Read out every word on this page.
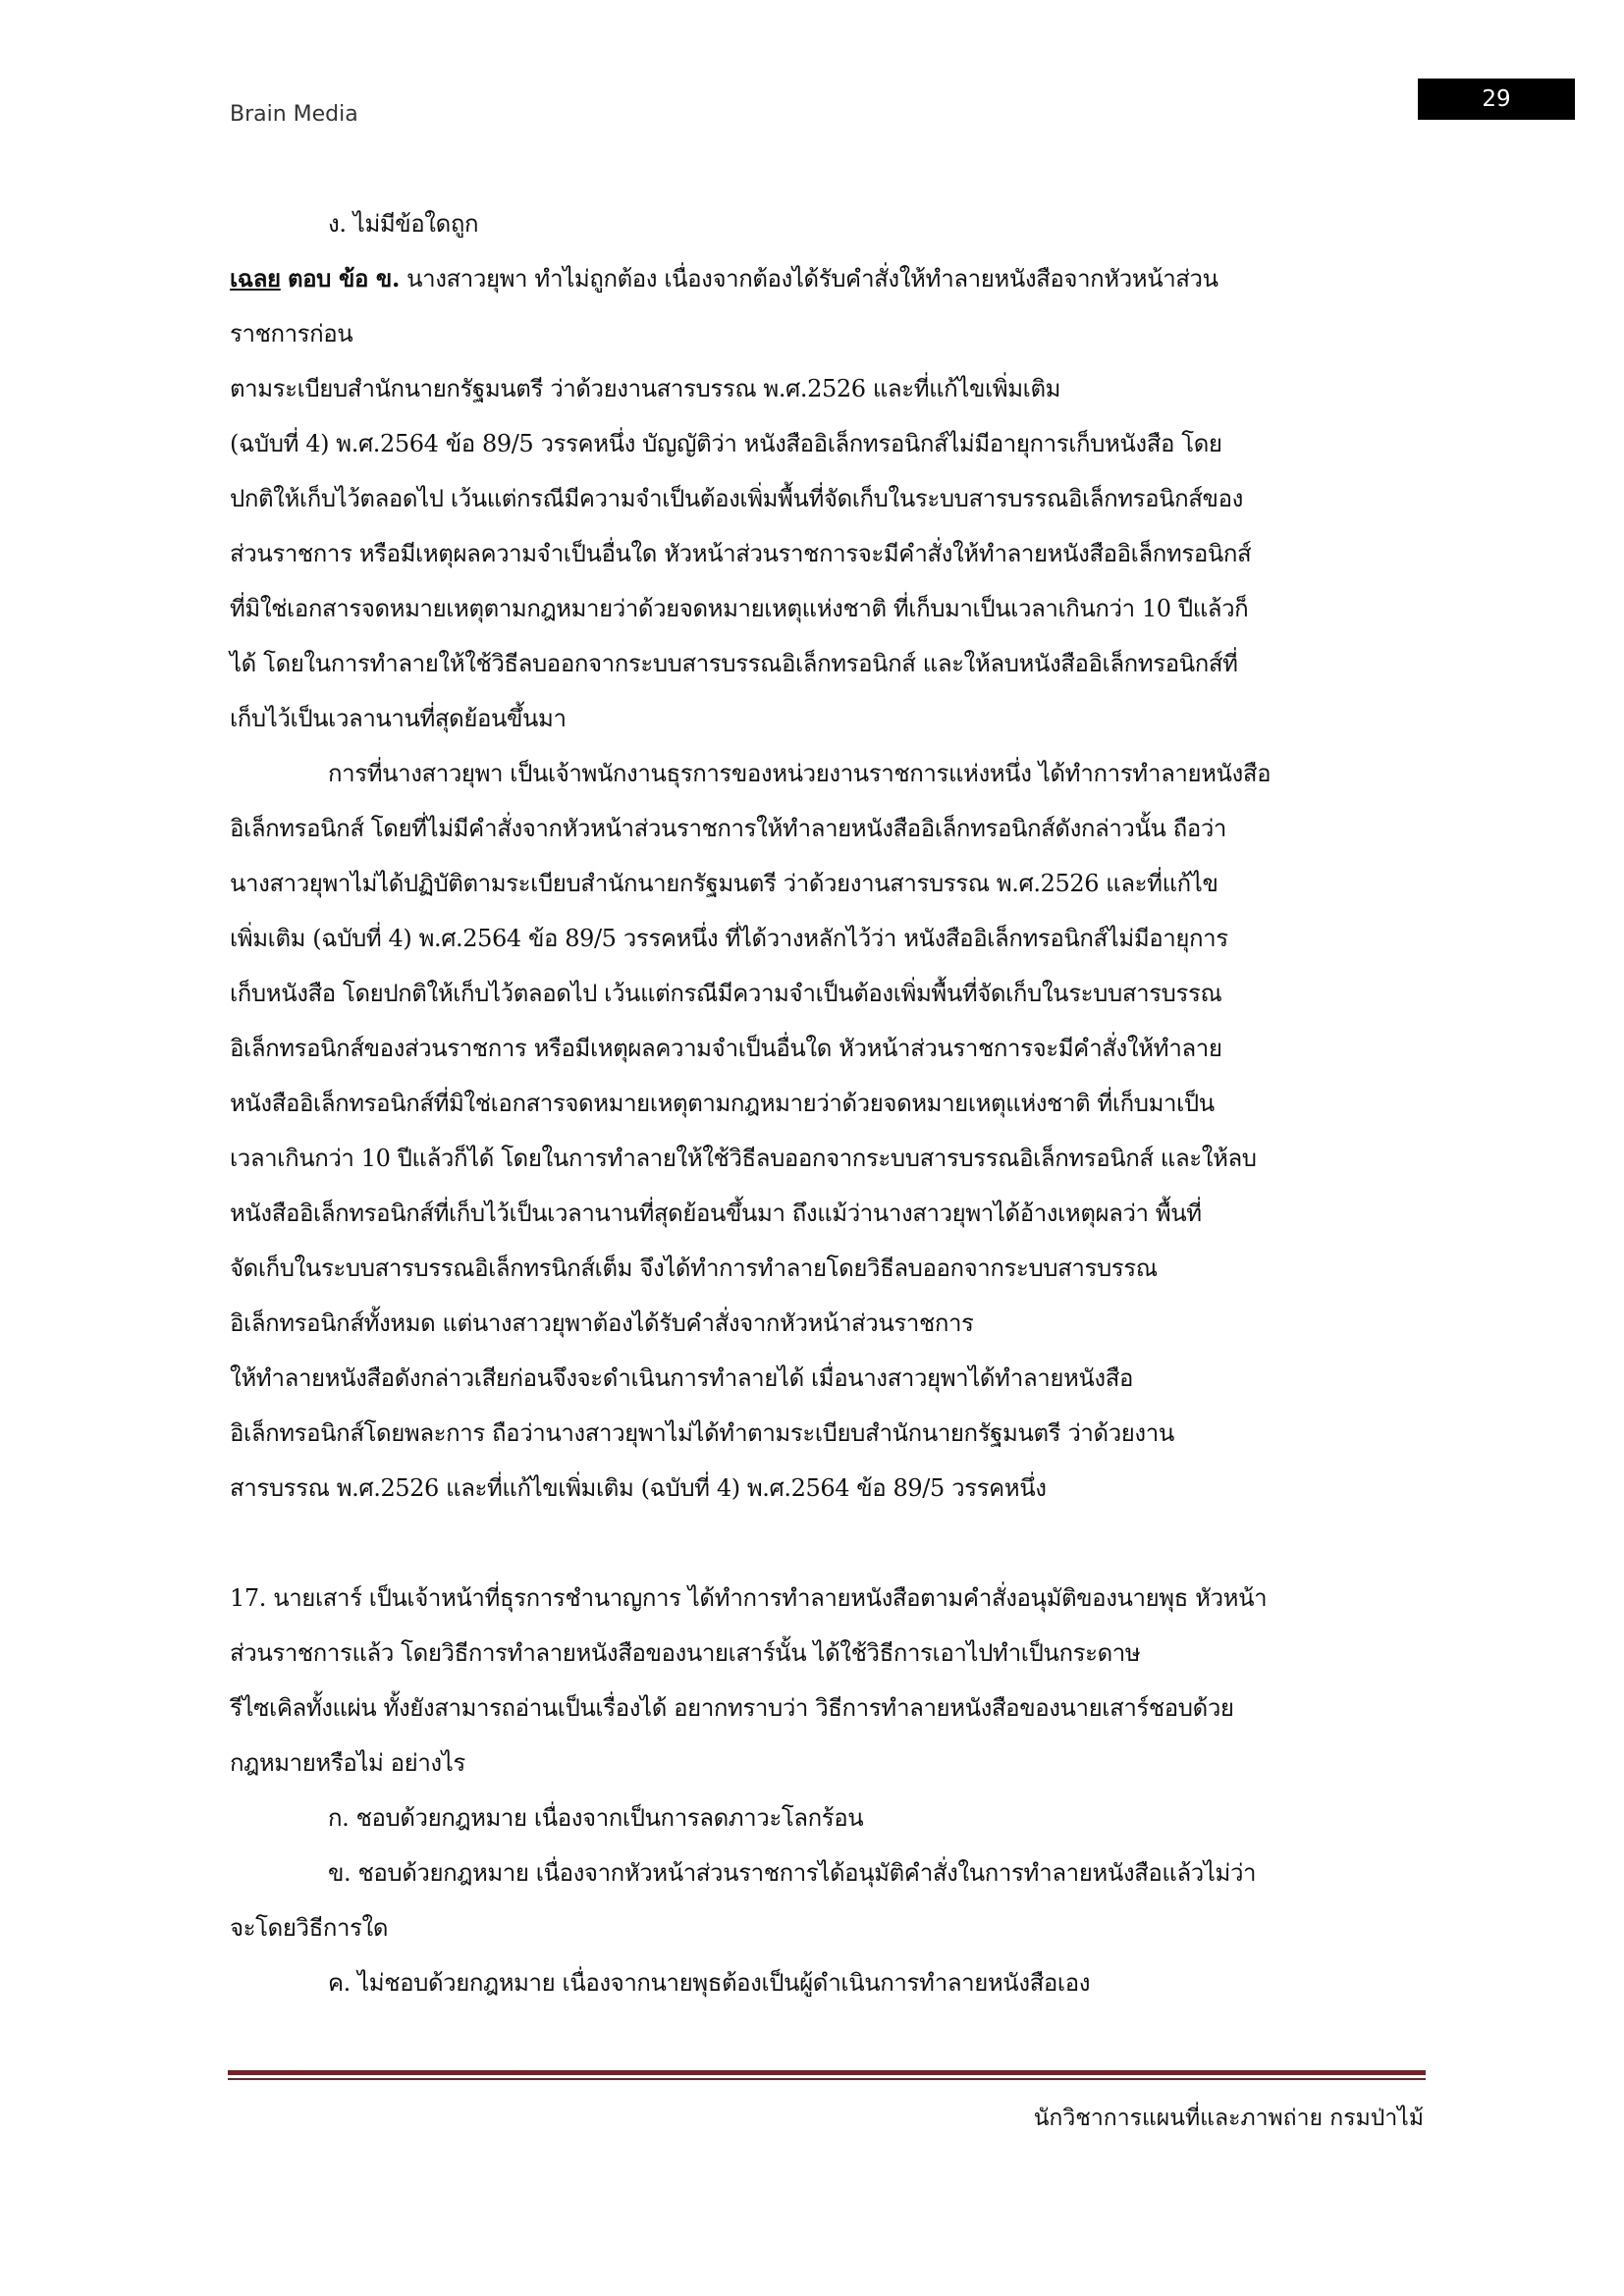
Brain Media
29
ง. ไม่มีข้อใดถูก
เฉลย ตอบ ข้อ ข. นางสาวยุพา ทำไม่ถูกต้อง เนื่องจากต้องได้รับคำสั่งให้ทำลายหนังสือจากหัวหน้าส่วน
ราชการก่อน
ตามระเบียบสำนักนายกรัฐมนตรี ว่าด้วยงานสารบรรณ พ.ศ.2526 และที่แก้ไขเพิ่มเติม
(ฉบับที่ 4) พ.ศ.2564 ข้อ 89/5 วรรคหนึ่ง บัญญัติว่า หนังสืออิเล็กทรอนิกส์ไม่มีอายุการเก็บหนังสือ โดย
ปกติให้เก็บไว้ตลอดไป เว้นแต่กรณีมีความจำเป็นต้องเพิ่มพื้นที่จัดเก็บในระบบสารบรรณอิเล็กทรอนิกส์ของ
ส่วนราชการ หรือมีเหตุผลความจำเป็นอื่นใด หัวหน้าส่วนราชการจะมีคำสั่งให้ทำลายหนังสืออิเล็กทรอนิกส์
ที่มิใช่เอกสารจดหมายเหตุตามกฎหมายว่าด้วยจดหมายเหตุแห่งชาติ ที่เก็บมาเป็นเวลาเกินกว่า 10 ปีแล้วก็
ได้ โดยในการทำลายให้ใช้วิธีลบออกจากระบบสารบรรณอิเล็กทรอนิกส์ และให้ลบหนังสืออิเล็กทรอนิกส์ที่
เก็บไว้เป็นเวลานานที่สุดย้อนขึ้นมา
การที่นางสาวยุพา เป็นเจ้าพนักงานธุรการของหน่วยงานราชการแห่งหนึ่ง ได้ทำการทำลายหนังสือ
อิเล็กทรอนิกส์ โดยที่ไม่มีคำสั่งจากหัวหน้าส่วนราชการให้ทำลายหนังสืออิเล็กทรอนิกส์ดังกล่าวนั้น ถือว่า
นางสาวยุพาไม่ได้ปฏิบัติตามระเบียบสำนักนายกรัฐมนตรี ว่าด้วยงานสารบรรณ พ.ศ.2526 และที่แก้ไข
เพิ่มเติม (ฉบับที่ 4) พ.ศ.2564 ข้อ 89/5 วรรคหนึ่ง ที่ได้วางหลักไว้ว่า หนังสืออิเล็กทรอนิกส์ไม่มีอายุการ
เก็บหนังสือ โดยปกติให้เก็บไว้ตลอดไป เว้นแต่กรณีมีความจำเป็นต้องเพิ่มพื้นที่จัดเก็บในระบบสารบรรณ
อิเล็กทรอนิกส์ของส่วนราชการ หรือมีเหตุผลความจำเป็นอื่นใด หัวหน้าส่วนราชการจะมีคำสั่งให้ทำลาย
หนังสืออิเล็กทรอนิกส์ที่มิใช่เอกสารจดหมายเหตุตามกฎหมายว่าด้วยจดหมายเหตุแห่งชาติ ที่เก็บมาเป็น
เวลาเกินกว่า 10 ปีแล้วก็ได้ โดยในการทำลายให้ใช้วิธีลบออกจากระบบสารบรรณอิเล็กทรอนิกส์ และให้ลบ
หนังสืออิเล็กทรอนิกส์ที่เก็บไว้เป็นเวลานานที่สุดย้อนขึ้นมา ถึงแม้ว่านางสาวยุพาได้อ้างเหตุผลว่า พื้นที่
จัดเก็บในระบบสารบรรณอิเล็กทรนิกส์เต็ม จึงได้ทำการทำลายโดยวิธีลบออกจากระบบสารบรรณ
อิเล็กทรอนิกส์ทั้งหมด แต่นางสาวยุพาต้องได้รับคำสั่งจากหัวหน้าส่วนราชการ
ให้ทำลายหนังสือดังกล่าวเสียก่อนจึงจะดำเนินการทำลายได้ เมื่อนางสาวยุพาได้ทำลายหนังสือ
อิเล็กทรอนิกส์โดยพละการ ถือว่านางสาวยุพาไม่ได้ทำตามระเบียบสำนักนายกรัฐมนตรี ว่าด้วยงาน
สารบรรณ พ.ศ.2526 และที่แก้ไขเพิ่มเติม (ฉบับที่ 4) พ.ศ.2564 ข้อ 89/5 วรรคหนึ่ง
17. นายเสาร์ เป็นเจ้าหน้าที่ธุรการชำนาญการ ได้ทำการทำลายหนังสือตามคำสั่งอนุมัติของนายพุธ หัวหน้า
ส่วนราชการแล้ว โดยวิธีการทำลายหนังสือของนายเสาร์นั้น ได้ใช้วิธีการเอาไปทำเป็นกระดาษ
รีไซเคิลทั้งแผ่น ทั้งยังสามารถอ่านเป็นเรื่องได้ อยากทราบว่า วิธีการทำลายหนังสือของนายเสาร์ชอบด้วย
กฎหมายหรือไม่ อย่างไร
ก. ชอบด้วยกฎหมาย เนื่องจากเป็นการลดภาวะโลกร้อน
ข. ชอบด้วยกฎหมาย เนื่องจากหัวหน้าส่วนราชการได้อนุมัติคำสั่งในการทำลายหนังสือแล้วไม่ว่า
จะโดยวิธีการใด
ค. ไม่ชอบด้วยกฎหมาย เนื่องจากนายพุธต้องเป็นผู้ดำเนินการทำลายหนังสือเอง
นักวิชาการแผนที่และภาพถ่าย กรมป่าไม้
